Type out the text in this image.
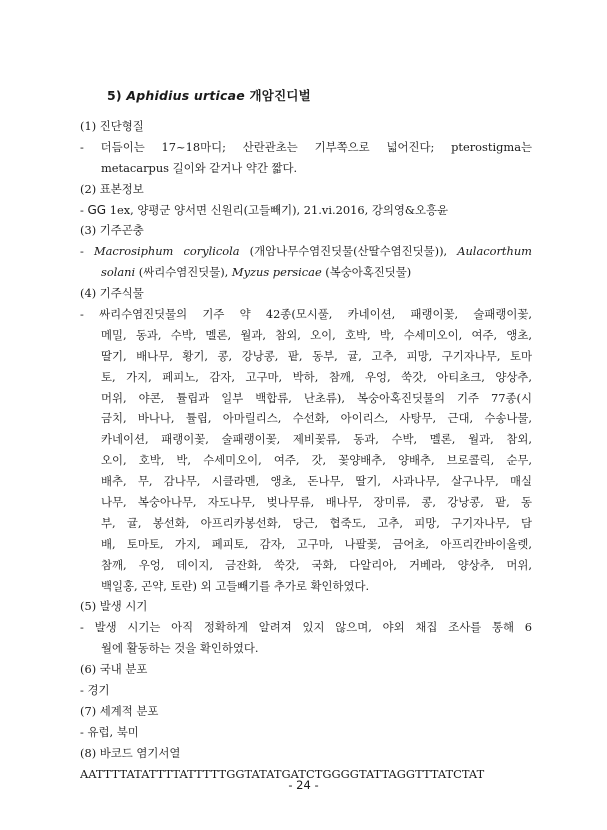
5) Aphidius urticae 개암진디벌
(1) 진단형질
- 더듬이는 17~18마디; 산란관초는 기부쪽으로 넓어진다; pterostigma는
metacarpus 길이와 같거나 약간 짧다.
(2) 표본정보
- GG 1ex, 양평군 양서면 신원리(고들빼기), 21.vi.2016, 강의영&오흥윤
(3) 기주곤충
- Macrosiphum corylicola (개암나무수염진딧물(산딸수염진딧물)), Aulacorthum
solani (싸리수염진딧물), Myzus persicae (복숭아혹진딧물)
(4) 기주식물
- 싸리수염진딧물의 기주 약 42종(모시풀, 카네이션, 패랭이꽃, 술패랭이꽃,
메밀, 동과, 수박, 멜론, 월과, 참외, 오이, 호박, 박, 수세미오이, 여주, 앵초,
딸기, 배나무, 황기, 콩, 강낭콩, 팥, 동부, 귤, 고추, 피망, 구기자나무, 토마
토, 가지, 페피노, 감자, 고구마, 박하, 참깨, 우엉, 쑥갓, 아티초크, 양상추,
머위, 야콘, 튤립과 일부 백합류, 난초류), 복숭아혹진딧물의 기주 77종(시
금치, 바나나, 튤립, 아마릴리스, 수선화, 아이리스, 사탕무, 근대, 수송나물,
카네이션, 패랭이꽃, 술패랭이꽃, 제비꽃류, 동과, 수박, 멜론, 월과, 참외,
오이, 호박, 박, 수세미오이, 여주, 갓, 꽃양배추, 양배추, 브로콜릭, 순무,
배추, 무, 감나무, 시클라멘, 앵초, 돈나무, 딸기, 사과나무, 살구나무, 매실
나무, 복숭아나무, 자도나무, 벚나무류, 배나무, 장미류, 콩, 강낭콩, 팥, 동
부, 귤, 봉선화, 아프리카봉선화, 당근, 협죽도, 고추, 피망, 구기자나무, 담
배, 토마토, 가지, 페피토, 감자, 고구마, 나팔꽃, 금어초, 아프리칸바이올렛,
참깨, 우엉, 데이지, 금잔화, 쑥갓, 국화, 다알리아, 거베라, 양상추, 머위,
백일홍, 곤약, 토란) 외 고들빼기를 추가로 확인하였다.
(5) 발생 시기
- 발생 시기는 아직 정확하게 알려져 있지 않으며, 야외 채집 조사를 통해 6
월에 활동하는 것을 확인하였다.
(6) 국내 분포
- 경기
(7) 세계적 분포
- 유럽, 북미
(8) 바코드 염기서열
AATTTTATATTTTATTTTTGGTATATGATCTGGGGTATTAGGTTTATCTAT
- 24 -
